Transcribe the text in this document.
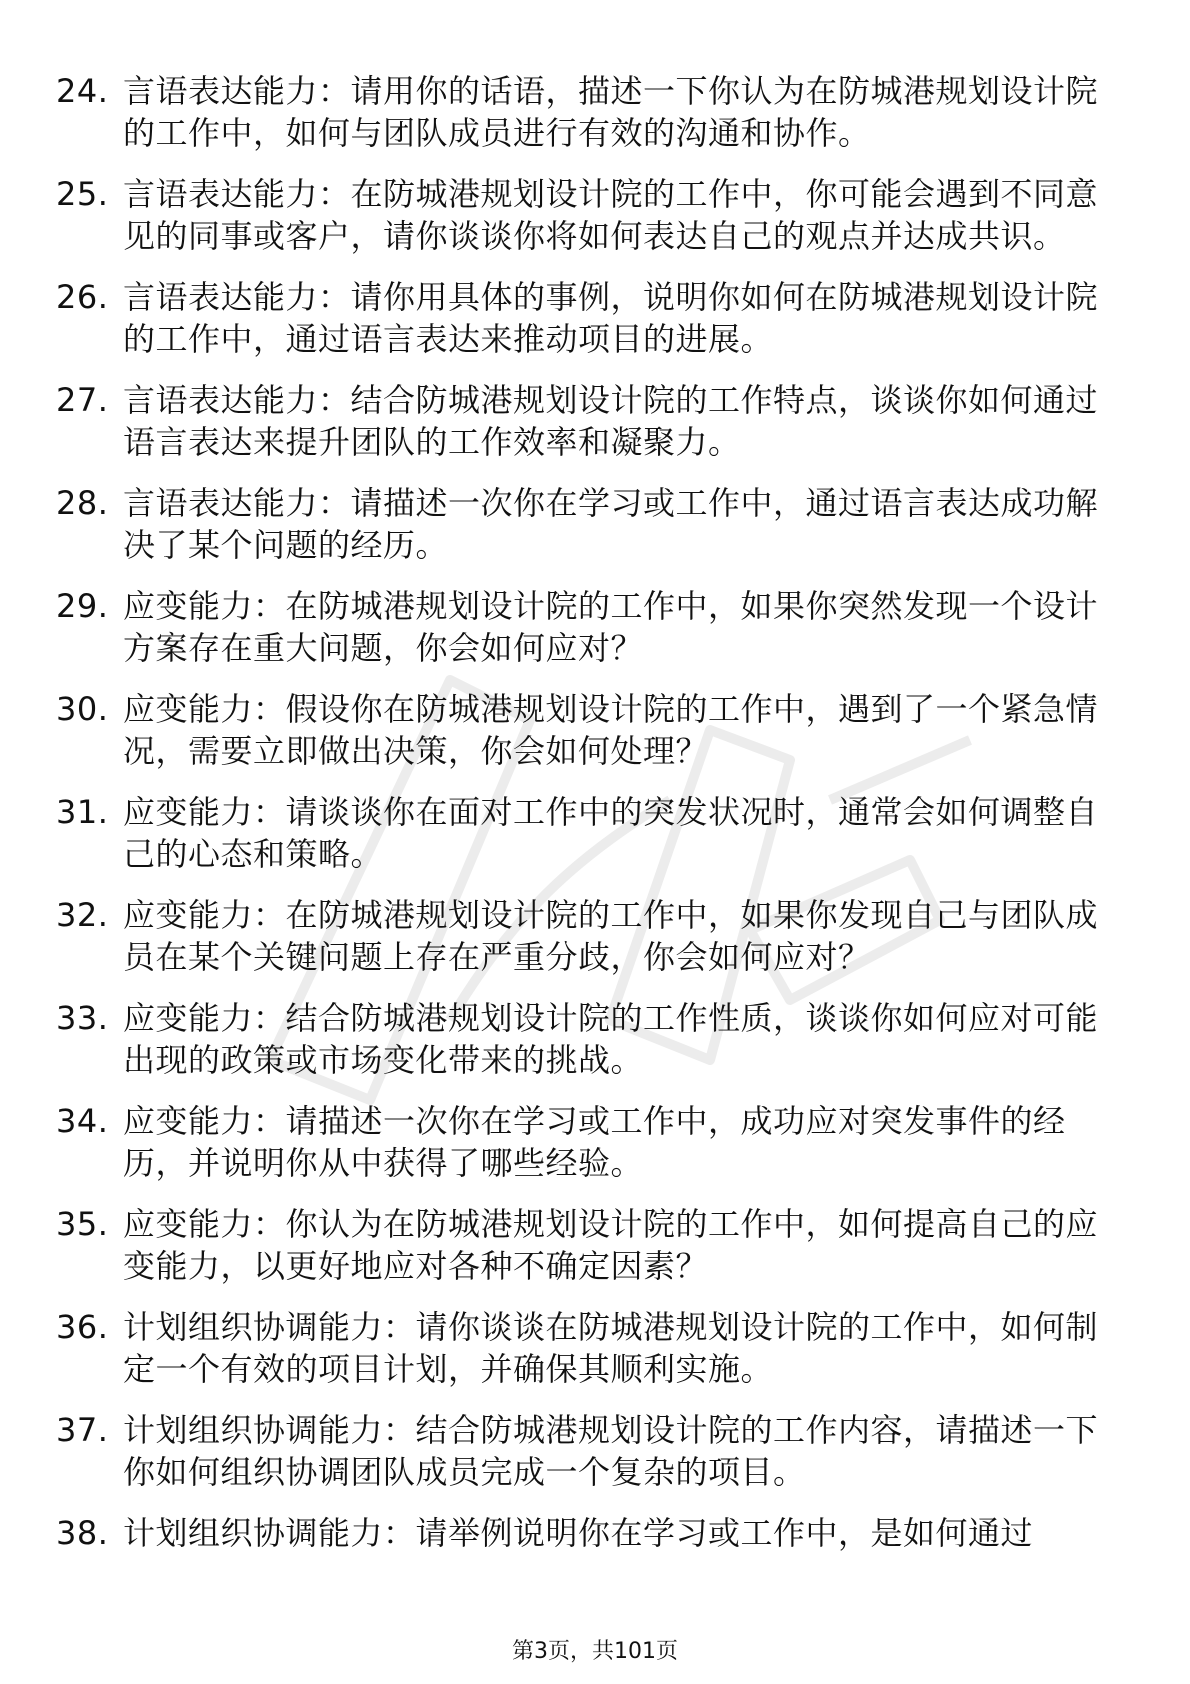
24. 言语表达能力：请用你的话语，描述一下你认为在防城港规划设计院的工作中，如何与团队成员进行有效的沟通和协作。
25. 言语表达能力：在防城港规划设计院的工作中，你可能会遇到不同意见的同事或客户，请你谈谈你将如何表达自己的观点并达成共识。
26. 言语表达能力：请你用具体的事例，说明你如何在防城港规划设计院的工作中，通过语言表达来推动项目的进展。
27. 言语表达能力：结合防城港规划设计院的工作特点，谈谈你如何通过语言表达来提升团队的工作效率和凝聚力。
28. 言语表达能力：请描述一次你在学习或工作中，通过语言表达成功解决了某个问题的经历。
29. 应变能力：在防城港规划设计院的工作中，如果你突然发现一个设计方案存在重大问题，你会如何应对？
30. 应变能力：假设你在防城港规划设计院的工作中，遇到了一个紧急情况，需要立即做出决策，你会如何处理？
31. 应变能力：请谈谈你在面对工作中的突发状况时，通常会如何调整自己的心态和策略。
32. 应变能力：在防城港规划设计院的工作中，如果你发现自己与团队成员在某个关键问题上存在严重分歧，你会如何应对？
33. 应变能力：结合防城港规划设计院的工作性质，谈谈你如何应对可能出现的政策或市场变化带来的挑战。
34. 应变能力：请描述一次你在学习或工作中，成功应对突发事件的经历，并说明你从中获得了哪些经验。
35. 应变能力：你认为在防城港规划设计院的工作中，如何提高自己的应变能力，以更好地应对各种不确定因素？
36. 计划组织协调能力：请你谈谈在防城港规划设计院的工作中，如何制定一个有效的项目计划，并确保其顺利实施。
37. 计划组织协调能力：结合防城港规划设计院的工作内容，请描述一下你如何组织协调团队成员完成一个复杂的项目。
38. 计划组织协调能力：请举例说明你在学习或工作中，是如何通过
第3页，共101页
